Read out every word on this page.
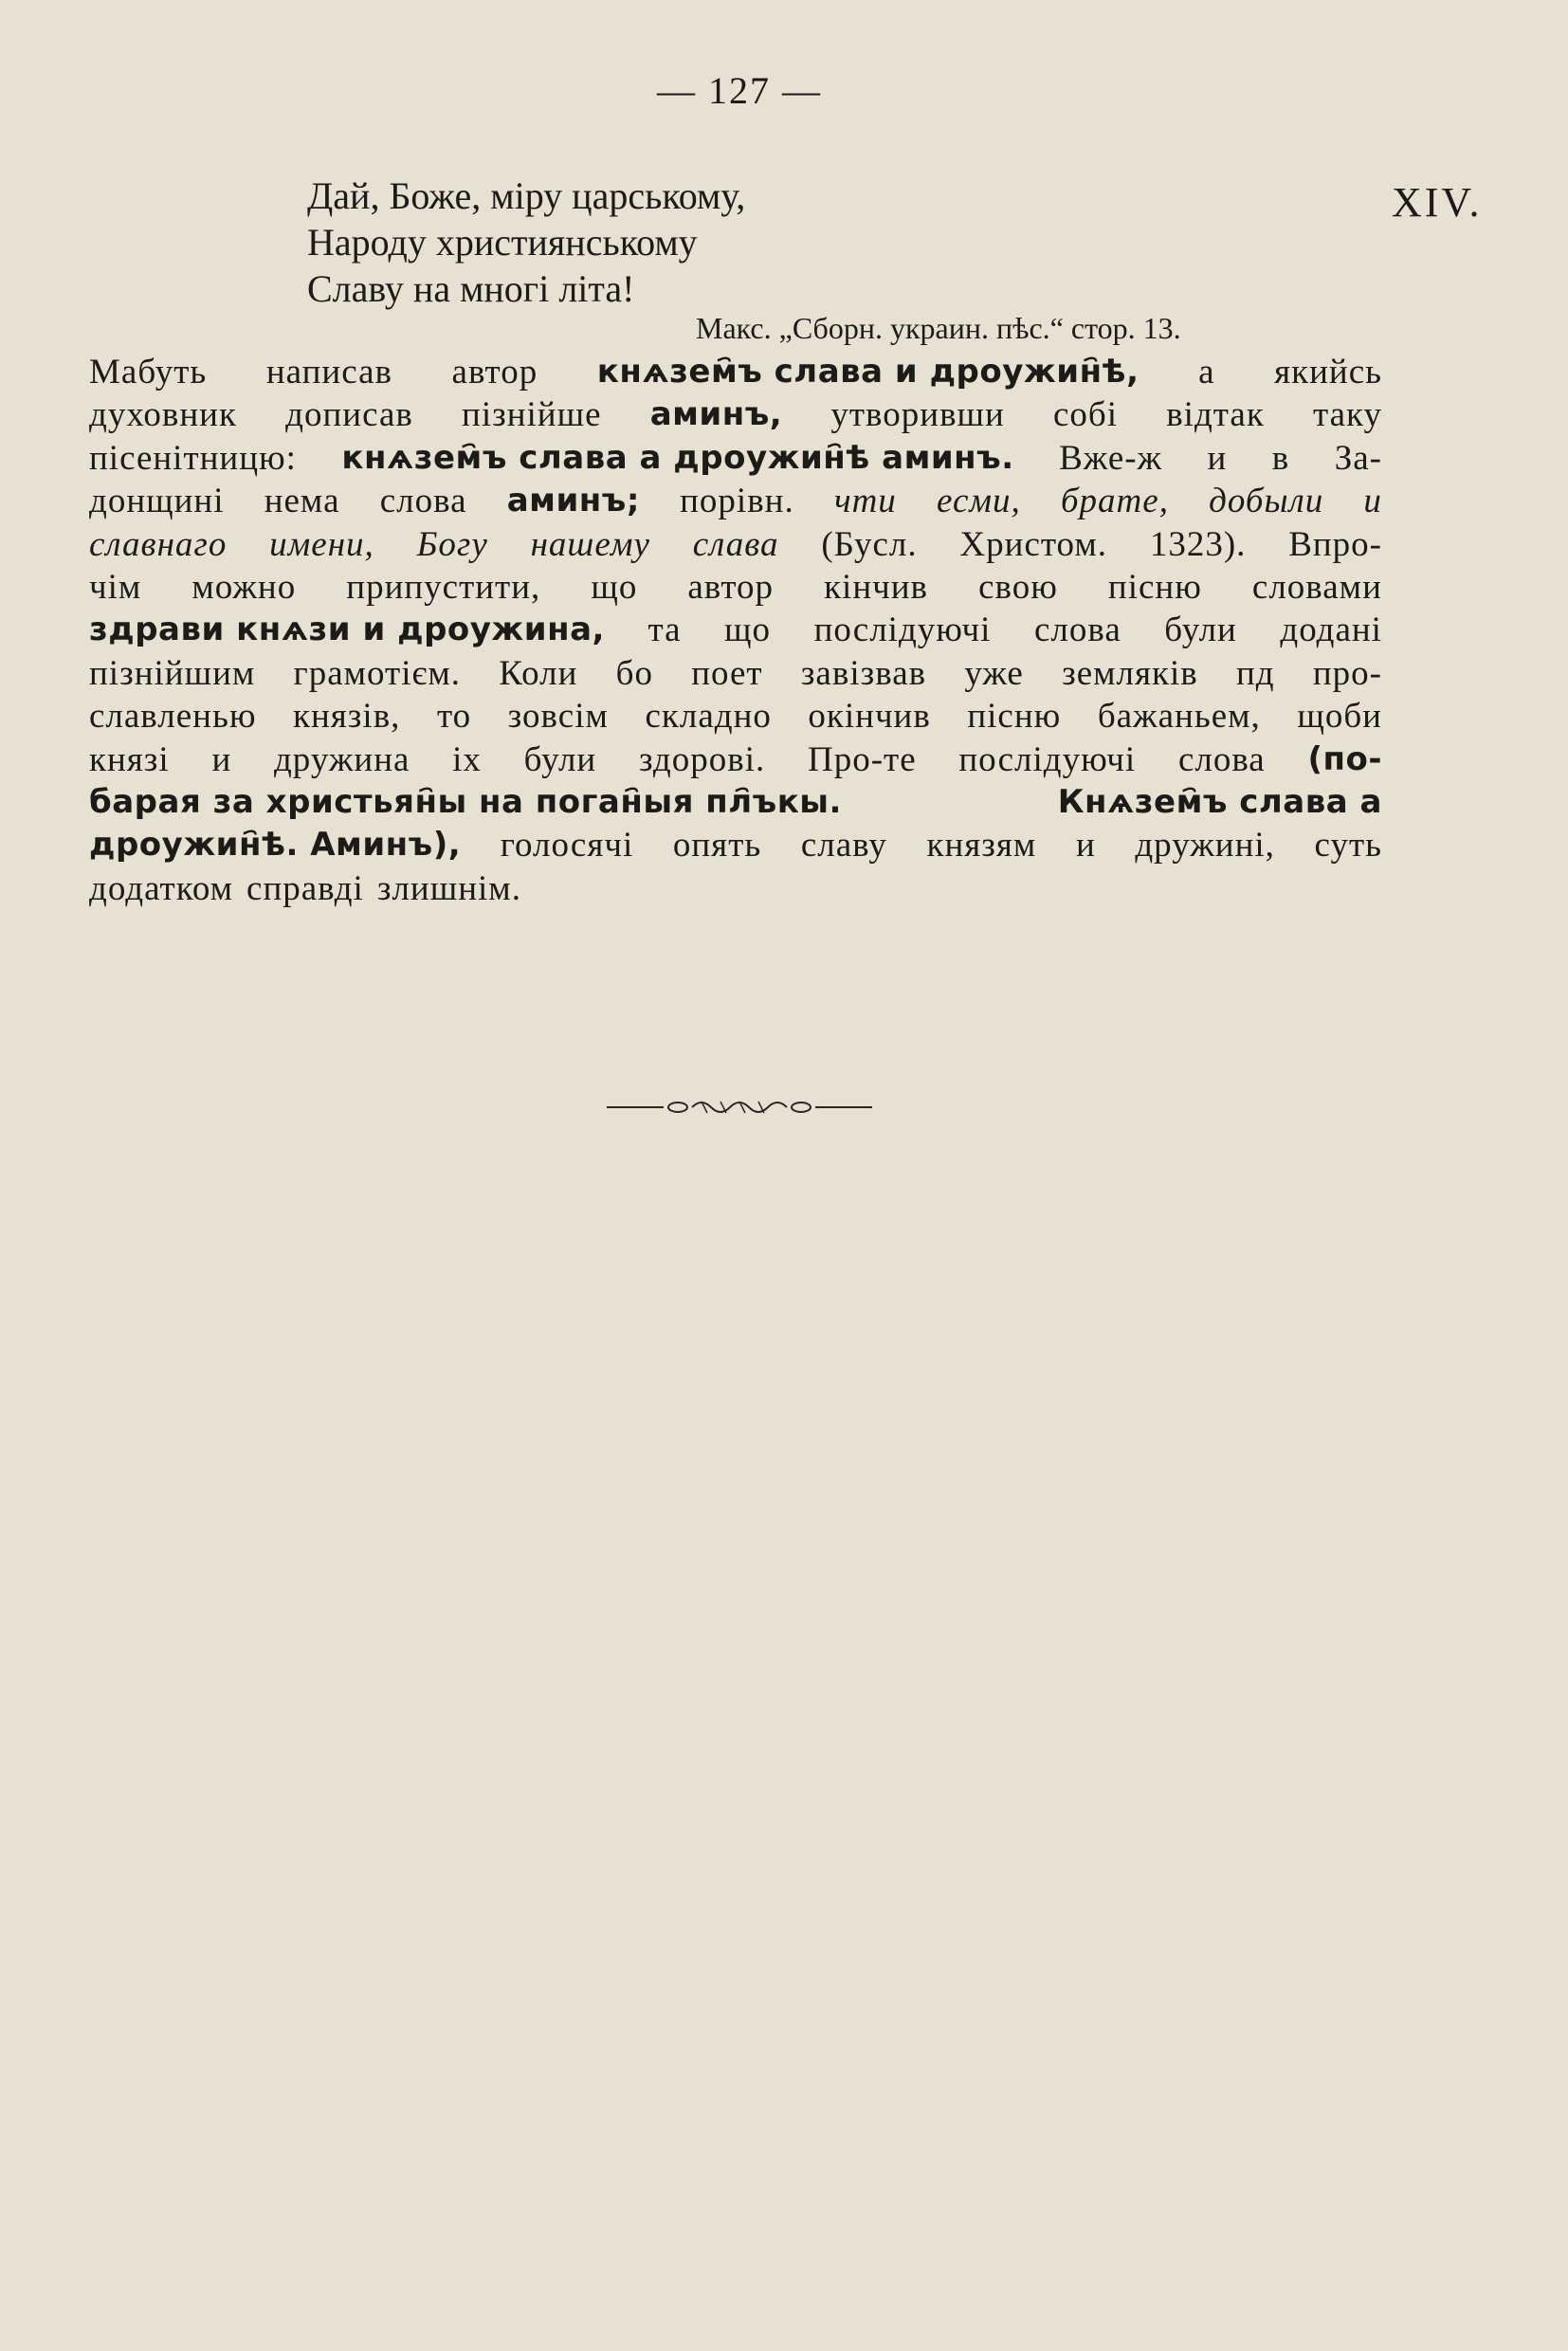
— 127 —
XIV.
Дай, Боже, міру царському,
Народу християнському
Славу на многі літа!
Макс. „Сборн. украин. пѣс.“ стор. 13.
Мабуть написав автор кнѧзем҄ъ слава и дроужин҄ѣ, а якийсь
духовник дописав пізнійше аминъ, утворивши собі відтак таку
пісенітницю: кнѧзем҄ъ слава а дроужин҄ѣ аминъ. Вже-ж и в За-
донщині нема слова аминъ; порівн. чти есми, брате, добыли и
славнаго имени, Богу нашему слава (Бусл. Христом. 1323). Впро-
чім можно припустити, що автор кінчив свою пісню словами
здрави кнѧзи и дроужина, та що послідуючі слова були додані
пізнійшим грамотієм. Коли бо поет завізвав уже земляків пд про-
славленью князів, то зовсім складно окінчив пісню бажаньем, щоби
князі и дружина іх були здорові. Про-те послідуючі слова (по-
барая за христьян҄ы на поган҄ыя пл҄ъкы.	Кнѧзем҄ъ слава а
дроужин҄ѣ. Аминъ), голосячі опять славу князям и дружині, суть
додатком справді злишнім.
